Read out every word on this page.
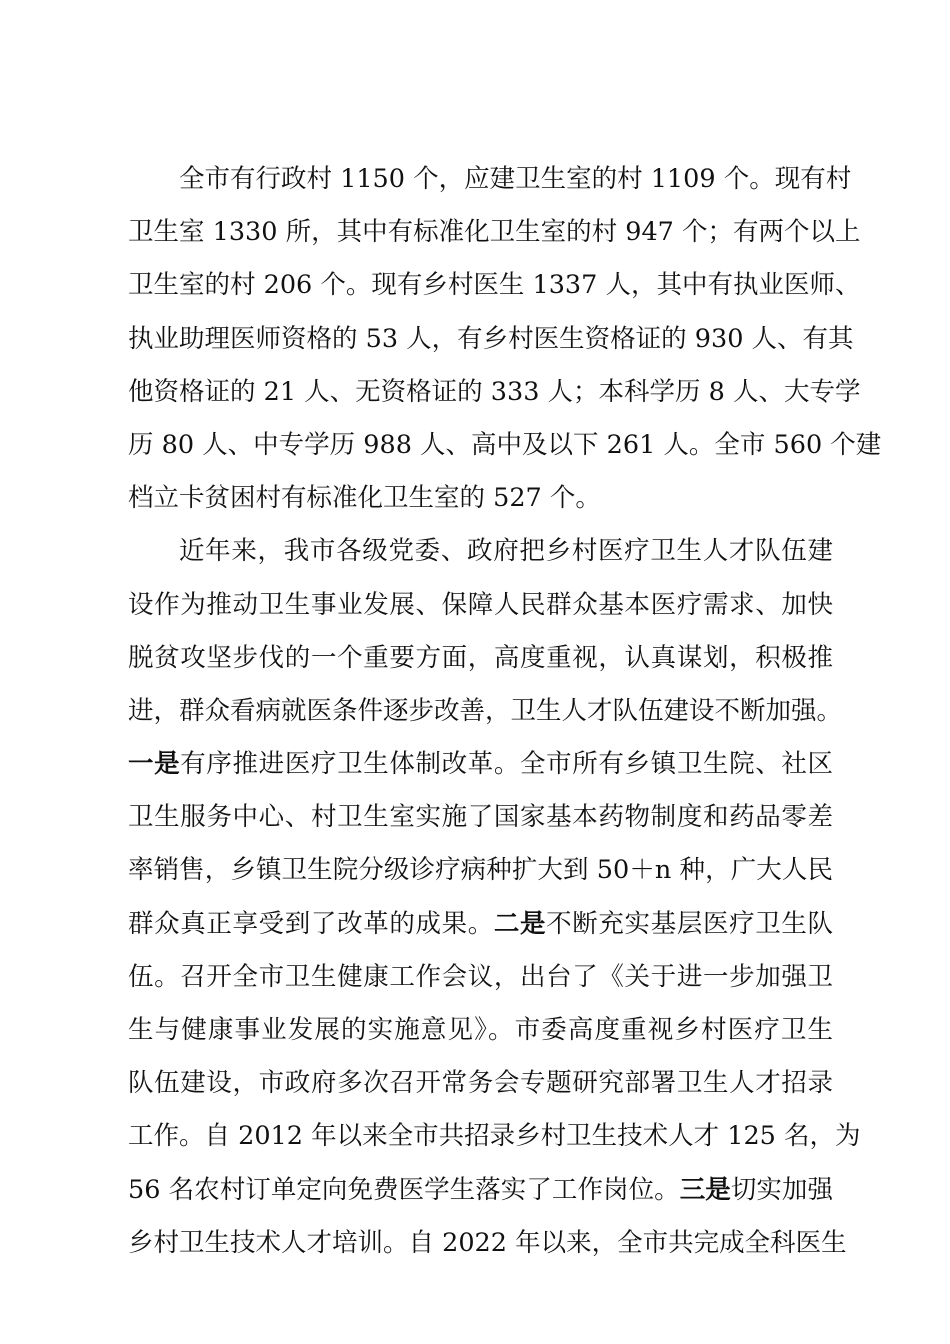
全市有行政村 1150 个，应建卫生室的村 1109 个。现有村
卫生室 1330 所，其中有标准化卫生室的村 947 个；有两个以上
卫生室的村 206 个。现有乡村医生 1337 人，其中有执业医师、
执业助理医师资格的 53 人，有乡村医生资格证的 930 人、有其
他资格证的 21 人、无资格证的 333 人；本科学历 8 人、大专学
历 80 人、中专学历 988 人、高中及以下 261 人。全市 560 个建
档立卡贫困村有标准化卫生室的 527 个。
近年来，我市各级党委、政府把乡村医疗卫生人才队伍建
设作为推动卫生事业发展、保障人民群众基本医疗需求、加快
脱贫攻坚步伐的一个重要方面，高度重视，认真谋划，积极推
进，群众看病就医条件逐步改善，卫生人才队伍建设不断加强。
一是有序推进医疗卫生体制改革。全市所有乡镇卫生院、社区
卫生服务中心、村卫生室实施了国家基本药物制度和药品零差
率销售，乡镇卫生院分级诊疗病种扩大到 50＋n 种，广大人民
群众真正享受到了改革的成果。二是不断充实基层医疗卫生队
伍。召开全市卫生健康工作会议，出台了《关于进一步加强卫
生与健康事业发展的实施意见》。市委高度重视乡村医疗卫生
队伍建设，市政府多次召开常务会专题研究部署卫生人才招录
工作。自 2012 年以来全市共招录乡村卫生技术人才 125 名，为
56 名农村订单定向免费医学生落实了工作岗位。三是切实加强
乡村卫生技术人才培训。自 2022 年以来，全市共完成全科医生
